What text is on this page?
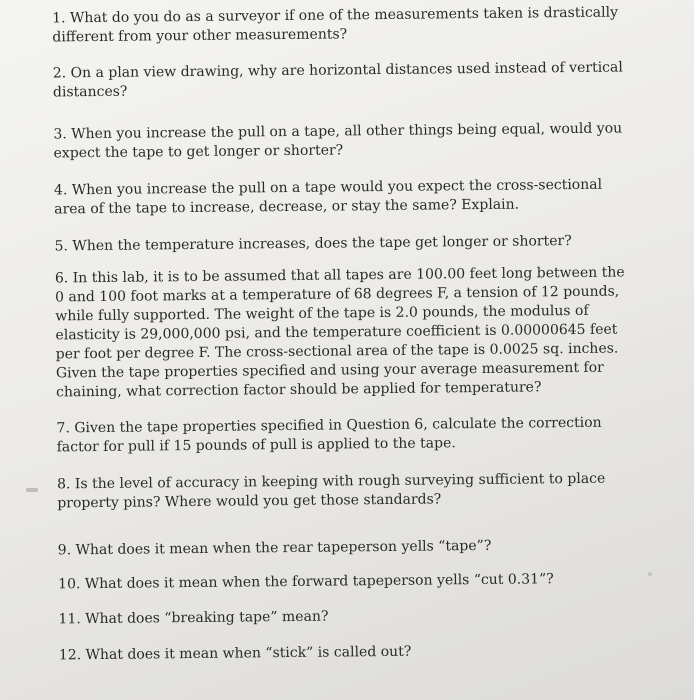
1. What do you do as a surveyor if one of the measurements taken is drastically different from your other measurements?

2. On a plan view drawing, why are horizontal distances used instead of vertical distances?

3. When you increase the pull on a tape, all other things being equal, would you expect the tape to get longer or shorter?

4. When you increase the pull on a tape would you expect the cross-sectional area of the tape to increase, decrease, or stay the same? Explain.

5. When the temperature increases, does the tape get longer or shorter?

6. In this lab, it is to be assumed that all tapes are 100.00 feet long between the 0 and 100 foot marks at a temperature of 68 degrees F, a tension of 12 pounds, while fully supported. The weight of the tape is 2.0 pounds, the modulus of elasticity is 29,000,000 psi, and the temperature coefficient is 0.00000645 feet per foot per degree F. The cross-sectional area of the tape is 0.0025 sq. inches. Given the tape properties specified and using your average measurement for chaining, what correction factor should be applied for temperature?

7. Given the tape properties specified in Question 6, calculate the correction factor for pull if 15 pounds of pull is applied to the tape.

8. Is the level of accuracy in keeping with rough surveying sufficient to place property pins? Where would you get those standards?

9. What does it mean when the rear tapeperson yells “tape”?

10. What does it mean when the forward tapeperson yells “cut 0.31”?

11. What does “breaking tape” mean?

12. What does it mean when “stick” is called out?
